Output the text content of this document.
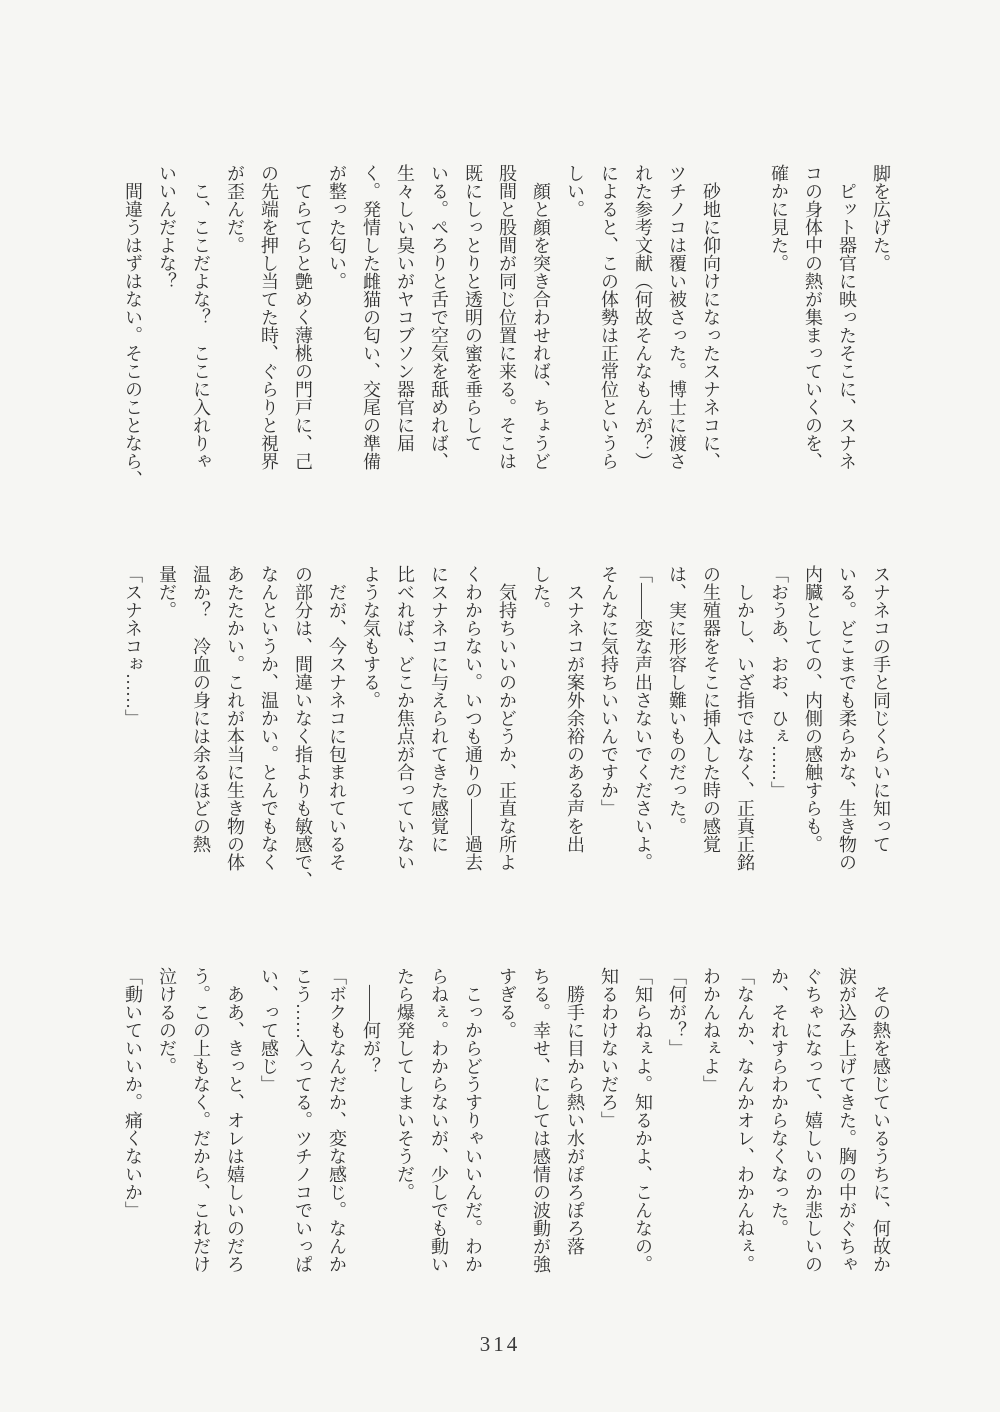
脚を広げた。

　ピット器官に映ったそこに、スナネ

コの身体中の熱が集まっていくのを、

確かに見た。

　砂地に仰向けになったスナネコに、

ツチノコは覆い被さった。博士に渡さ

れた参考文献（何故そんなもんが？）

によると、この体勢は正常位というら

しい。

　顔と顔を突き合わせれば、ちょうど

股間と股間が同じ位置に来る。そこは

既にしっとりと透明の蜜を垂らして

いる。ぺろりと舌で空気を舐めれば、

生々しい臭いがヤコブソン器官に届

く。発情した雌猫の匂い、交尾の準備

が整った匂い。

　てらてらと艶めく薄桃の門戸に、己

の先端を押し当てた時、ぐらりと視界

が歪んだ。

　こ、ここだよな？　ここに入れりゃ

いいんだよな？

　間違うはずはない。そこのことなら、

スナネコの手と同じくらいに知って

いる。どこまでも柔らかな、生き物の

内臓としての、内側の感触すらも。

「おうあ、おお、ひぇ……」

　しかし、いざ指ではなく、正真正銘

の生殖器をそこに挿入した時の感覚

は、実に形容し難いものだった。

「――変な声出さないでくださいよ。

そんなに気持ちいいんですか」

　スナネコが案外余裕のある声を出

した。

　気持ちいいのかどうか、正直な所よ

くわからない。いつも通りの――過去

にスナネコに与えられてきた感覚に

比べれば、どこか焦点が合っていない

ような気もする。

　だが、今スナネコに包まれているそ

の部分は、間違いなく指よりも敏感で、

なんというか、温かい。とんでもなく

あたたかい。これが本当に生き物の体

温か？　冷血の身には余るほどの熱

量だ。

「スナネコぉ……」

　その熱を感じているうちに、何故か

涙が込み上げてきた。胸の中がぐちゃ

ぐちゃになって、嬉しいのか悲しいの

か、それすらわからなくなった。

「なんか、なんかオレ、わかんねぇ。

わかんねぇよ」

「何が？」

「知らねぇよ。知るかよ、こんなの。

知るわけないだろ」

　勝手に目から熱い水がぽろぽろ落

ちる。幸せ、にしては感情の波動が強

すぎる。

　こっからどうすりゃいいんだ。わか

らねぇ。わからないが、少しでも動い

たら爆発してしまいそうだ。

　――何が？

「ボクもなんだか、変な感じ。なんか

こう……入ってる。ツチノコでいっぱ

い、って感じ」

　ああ、きっと、オレは嬉しいのだろ

う。この上もなく。だから、これだけ

泣けるのだ。

「動いていいか。痛くないか」

314
